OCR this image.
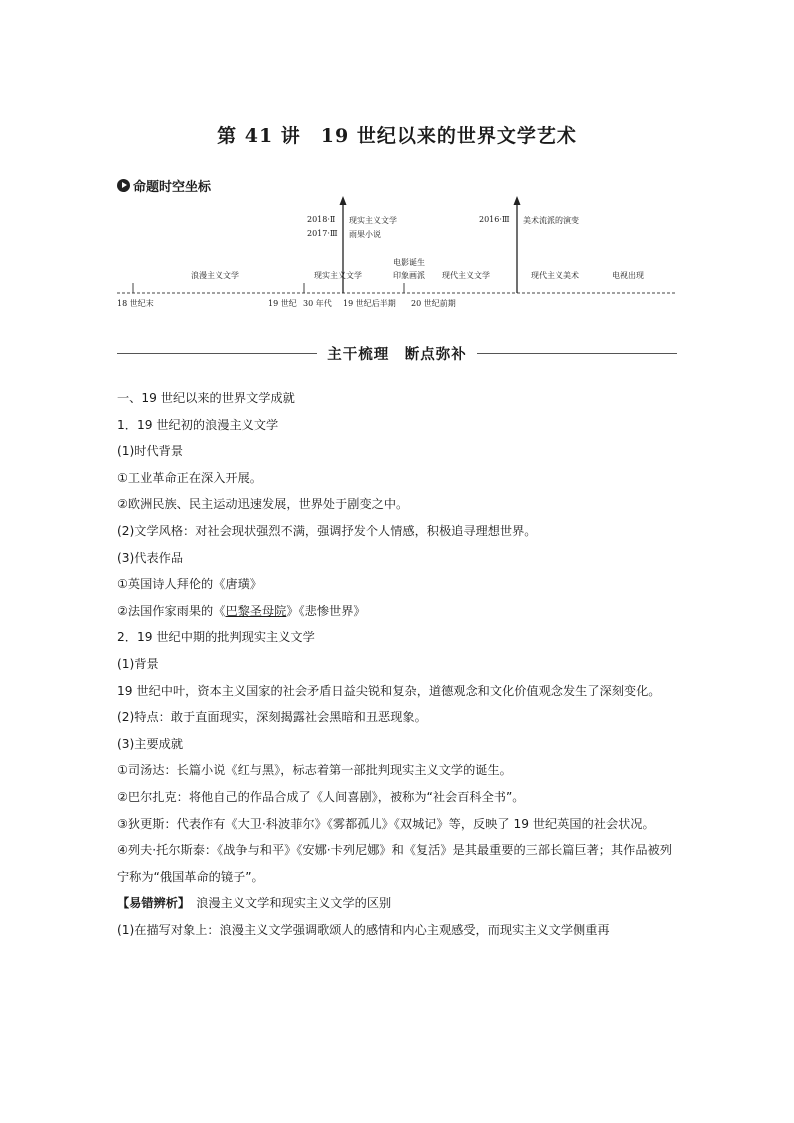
第 41 讲　19 世纪以来的世界文学艺术
命题时空坐标
2018·Ⅱ
2017·Ⅲ
现实主义文学
雨果小说
2016·Ⅲ 美术流派的演变
浪漫主义文学	现实主义文学
电影诞生
印象画派 现代主义文学	现代主义美术	电视出现
18 世纪末	19 世纪 30 年代 19 世纪后半期 20 世纪前期
主干梳理　断点弥补

一、19 世纪以来的世界文学成就

1．19 世纪初的浪漫主义文学

(1)时代背景

①工业革命正在深入开展。

②欧洲民族、民主运动迅速发展，世界处于剧变之中。

(2)文学风格：对社会现状强烈不满，强调抒发个人情感，积极追寻理想世界。

(3)代表作品

①英国诗人拜伦的《唐璜》

②法国作家雨果的《巴黎圣母院》《悲惨世界》

2．19 世纪中期的批判现实主义文学

(1)背景

19 世纪中叶，资本主义国家的社会矛盾日益尖锐和复杂，道德观念和文化价值观念发生了深刻变化。

(2)特点：敢于直面现实，深刻揭露社会黑暗和丑恶现象。

(3)主要成就

①司汤达：长篇小说《红与黑》，标志着第一部批判现实主义文学的诞生。

②巴尔扎克：将他自己的作品合成了《人间喜剧》，被称为“社会百科全书”。

③狄更斯：代表作有《大卫·科波菲尔》《雾都孤儿》《双城记》等，反映了 19 世纪英国的社会状况。

④列夫·托尔斯泰：《战争与和平》《安娜·卡列尼娜》和《复活》是其最重要的三部长篇巨著；其作品被列宁称为“俄国革命的镜子”。

【易错辨析】　浪漫主义文学和现实主义文学的区别

(1)在描写对象上：浪漫主义文学强调歌颂人的感情和内心主观感受，而现实主义文学侧重再
